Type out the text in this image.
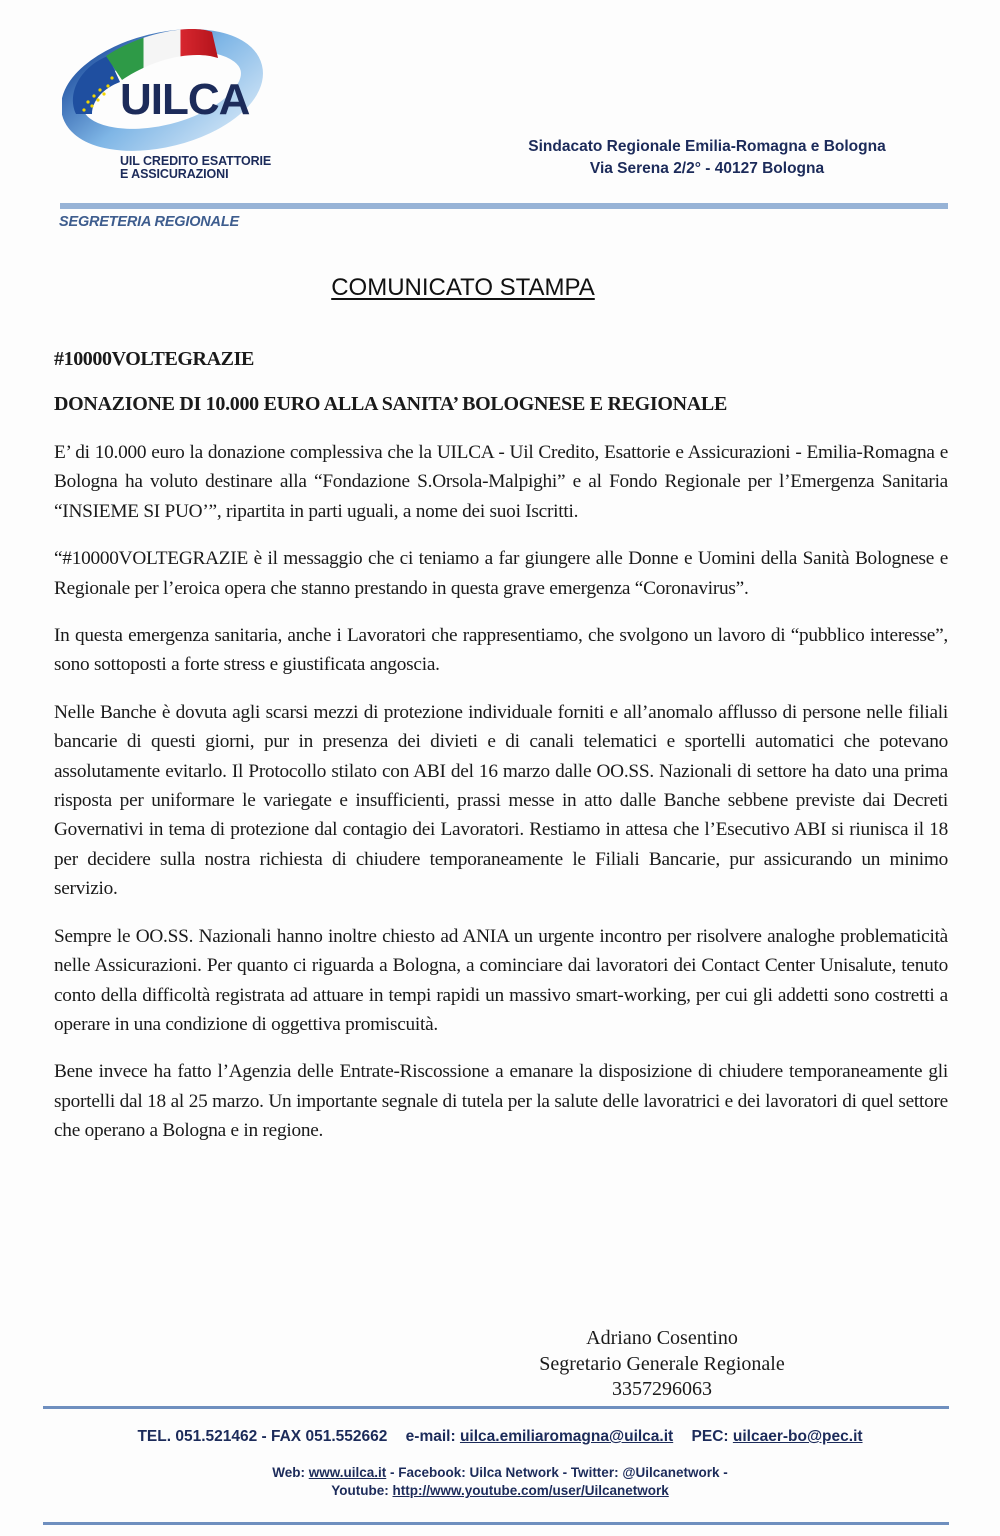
UILCA
UIL CREDITO ESATTORIE
E ASSICURAZIONI
Sindacato Regionale Emilia-Romagna e Bologna
Via Serena 2/2° - 40127 Bologna
SEGRETERIA REGIONALE
COMUNICATO STAMPA
#10000VOLTEGRAZIE
DONAZIONE DI 10.000 EURO ALLA SANITA’ BOLOGNESE E REGIONALE

E’ di 10.000 euro la donazione complessiva che la UILCA - Uil Credito, Esattorie e Assicurazioni - Emilia-Romagna e Bologna ha voluto destinare alla “Fondazione S.Orsola-Malpighi” e al Fondo Regionale per l’Emergenza Sanitaria “INSIEME SI PUO’”, ripartita in parti uguali, a nome dei suoi Iscritti.

“#10000VOLTEGRAZIE è il messaggio che ci teniamo a far giungere alle Donne e Uomini della Sanità Bolognese e Regionale per l’eroica opera che stanno prestando in questa grave emergenza “Coronavirus”.

In questa emergenza sanitaria, anche i Lavoratori che rappresentiamo, che svolgono un lavoro di “pubblico interesse”, sono sottoposti a forte stress e giustificata angoscia.

Nelle Banche è dovuta agli scarsi mezzi di protezione individuale forniti e all’anomalo afflusso di persone nelle filiali bancarie di questi giorni, pur in presenza dei divieti e di canali telematici e sportelli automatici che potevano assolutamente evitarlo. Il Protocollo stilato con ABI del 16 marzo dalle OO.SS. Nazionali di settore ha dato una prima risposta per uniformare le variegate e insufficienti, prassi messe in atto dalle Banche sebbene previste dai Decreti Governativi in tema di protezione dal contagio dei Lavoratori. Restiamo in attesa che l’Esecutivo ABI si riunisca il 18 per decidere sulla nostra richiesta di chiudere temporaneamente le Filiali Bancarie, pur assicurando un minimo servizio.

Sempre le OO.SS. Nazionali hanno inoltre chiesto ad ANIA un urgente incontro per risolvere analoghe problematicità nelle Assicurazioni. Per quanto ci riguarda a Bologna, a cominciare dai lavoratori dei Contact Center Unisalute, tenuto conto della difficoltà registrata ad attuare in tempi rapidi un massivo smart-working, per cui gli addetti sono costretti a operare in una condizione di oggettiva promiscuità.

Bene invece ha fatto l’Agenzia delle Entrate-Riscossione a emanare la disposizione di chiudere temporaneamente gli sportelli dal 18 al 25 marzo. Un importante segnale di tutela per la salute delle lavoratrici e dei lavoratori di quel settore che operano a Bologna e in regione.

Adriano Cosentino
Segretario Generale Regionale
3357296063
TEL. 051.521462 - FAX 051.552662 e-mail: uilca.emiliaromagna@uilca.it PEC: uilcaer-bo@pec.it
Web: www.uilca.it - Facebook: Uilca Network - Twitter: @Uilcanetwork -
Youtube: http://www.youtube.com/user/Uilcanetwork
